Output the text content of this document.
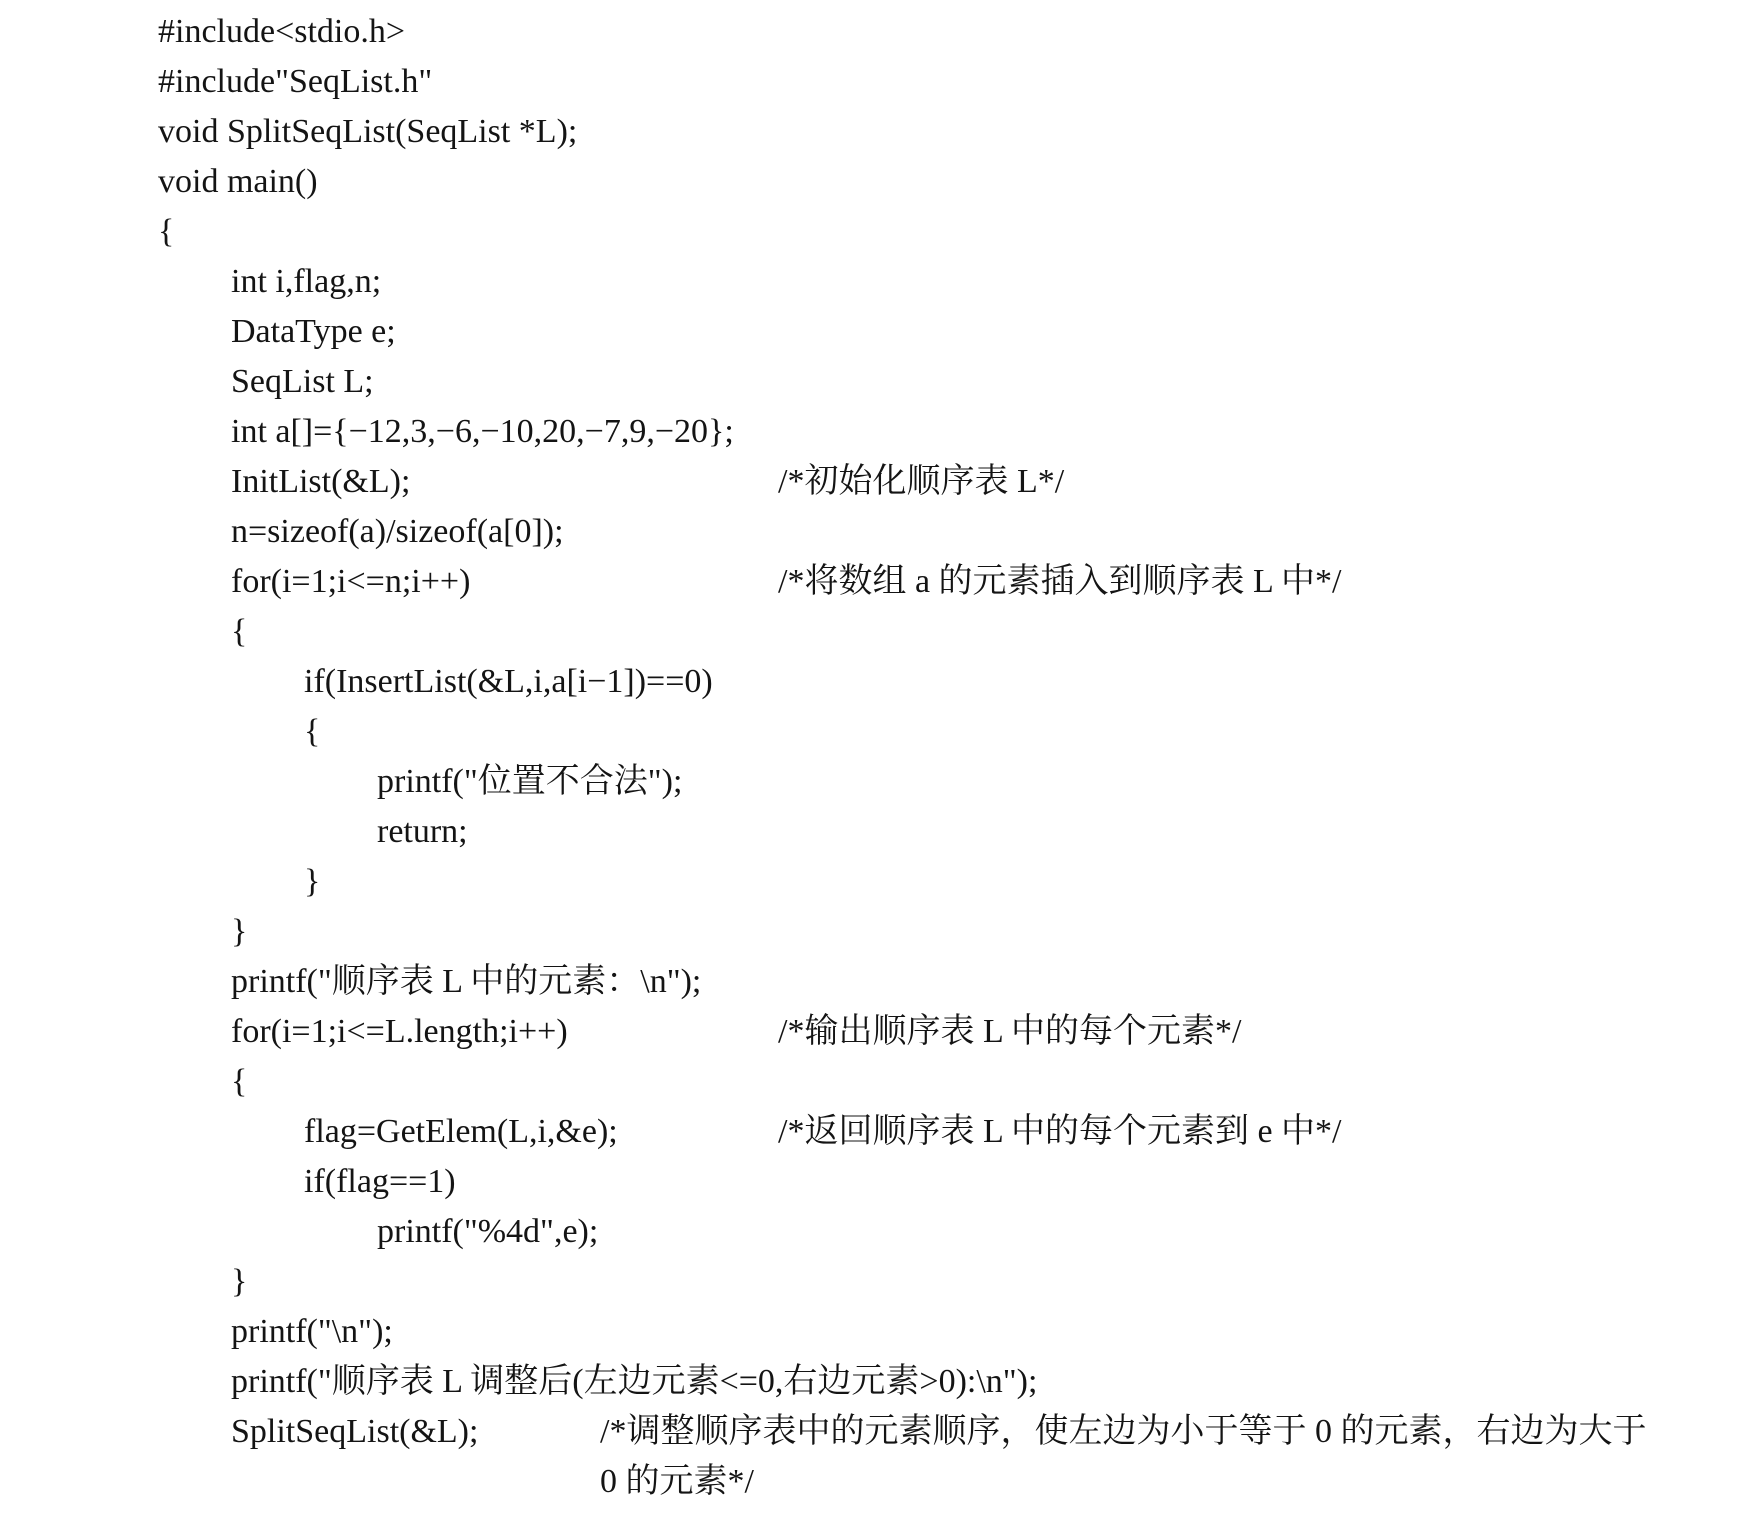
#include<stdio.h>
#include"SeqList.h"
void SplitSeqList(SeqList *L);
void main()
{
int i,flag,n;
DataType e;
SeqList L;
int a[]={−12,3,−6,−10,20,−7,9,−20};
InitList(&L);	/*初始化顺序表 L*/
n=sizeof(a)/sizeof(a[0]);
for(i=1;i<=n;i++)	/*将数组 a 的元素插入到顺序表 L 中*/
{
if(InsertList(&L,i,a[i−1])==0)
{
printf("位置不合法");
return;
}
}
printf("顺序表 L 中的元素：\n");
for(i=1;i<=L.length;i++)	/*输出顺序表 L 中的每个元素*/
{
flag=GetElem(L,i,&e);	/*返回顺序表 L 中的每个元素到 e 中*/
if(flag==1)
printf("%4d",e);
}
printf("\n");
printf("顺序表 L 调整后(左边元素<=0,右边元素>0):\n");
SplitSeqList(&L);	/*调整顺序表中的元素顺序，使左边为小于等于 0 的元素，右边为大于
0 的元素*/
